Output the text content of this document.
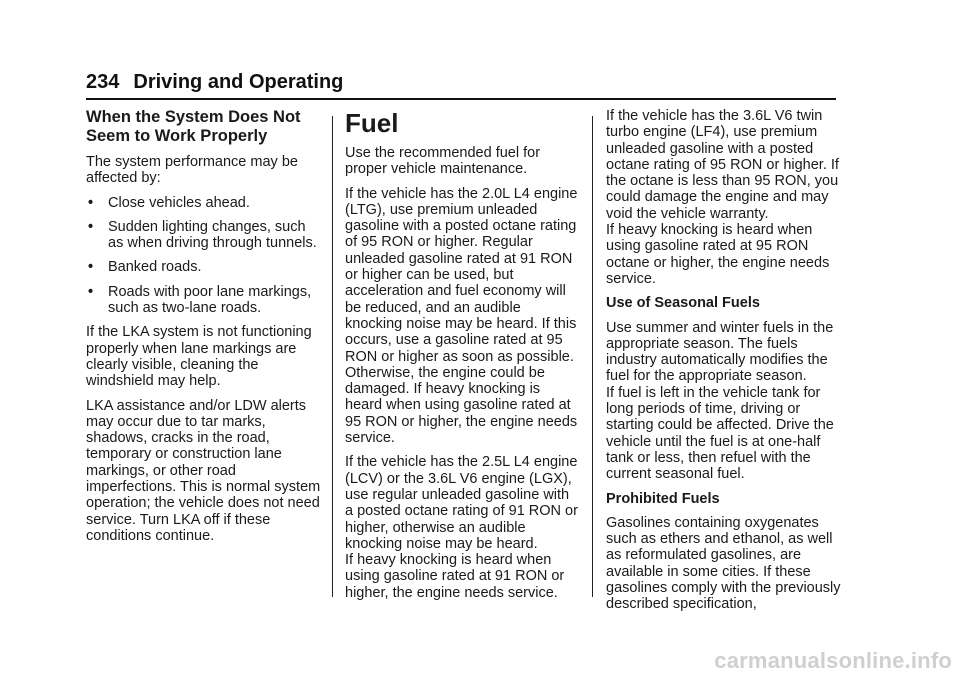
234 Driving and Operating
When the System Does Not Seem to Work Properly

The system performance may be affected by:

• Close vehicles ahead.
• Sudden lighting changes, such as when driving through tunnels.
• Banked roads.
• Roads with poor lane markings, such as two-lane roads.

If the LKA system is not functioning properly when lane markings are clearly visible, cleaning the windshield may help.

LKA assistance and/or LDW alerts may occur due to tar marks, shadows, cracks in the road, temporary or construction lane markings, or other road imperfections. This is normal system operation; the vehicle does not need service. Turn LKA off if these conditions continue.

Fuel

Use the recommended fuel for proper vehicle maintenance.

If the vehicle has the 2.0L L4 engine (LTG), use premium unleaded gasoline with a posted octane rating of 95 RON or higher. Regular unleaded gasoline rated at 91 RON or higher can be used, but acceleration and fuel economy will be reduced, and an audible knocking noise may be heard. If this occurs, use a gasoline rated at 95 RON or higher as soon as possible. Otherwise, the engine could be damaged. If heavy knocking is heard when using gasoline rated at 95 RON or higher, the engine needs service.

If the vehicle has the 2.5L L4 engine (LCV) or the 3.6L V6 engine (LGX), use regular unleaded gasoline with a posted octane rating of 91 RON or higher, otherwise an audible knocking noise may be heard.

If heavy knocking is heard when using gasoline rated at 91 RON or higher, the engine needs service.

If the vehicle has the 3.6L V6 twin turbo engine (LF4), use premium unleaded gasoline with a posted octane rating of 95 RON or higher. If the octane is less than 95 RON, you could damage the engine and may void the vehicle warranty.

If heavy knocking is heard when using gasoline rated at 95 RON octane or higher, the engine needs service.

Use of Seasonal Fuels
Use summer and winter fuels in the appropriate season. The fuels industry automatically modifies the fuel for the appropriate season.

If fuel is left in the vehicle tank for long periods of time, driving or starting could be affected. Drive the vehicle until the fuel is at one-half tank or less, then refuel with the current seasonal fuel.

Prohibited Fuels

Gasolines containing oxygenates such as ethers and ethanol, as well as reformulated gasolines, are available in some cities. If these gasolines comply with the previously described specification,

carmanualsonline.info
